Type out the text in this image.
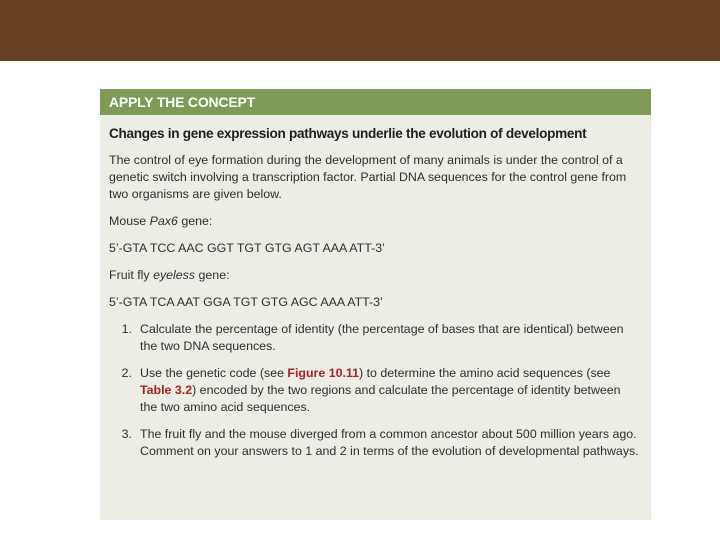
APPLY THE CONCEPT
Changes in gene expression pathways underlie the evolution of development
The control of eye formation during the development of many animals is under the control of a genetic switch involving a transcription factor. Partial DNA sequences for the control gene from two organisms are given below.
Mouse Pax6 gene:
5’-GTA TCC AAC GGT TGT GTG AGT AAA ATT-3’
Fruit fly eyeless gene:
5’-GTA TCA AAT GGA TGT GTG AGC AAA ATT-3’
1. Calculate the percentage of identity (the percentage of bases that are identical) between the two DNA sequences.
2. Use the genetic code (see Figure 10.11) to determine the amino acid sequences (see Table 3.2) encoded by the two regions and calculate the percentage of identity between the two amino acid sequences.
3. The fruit fly and the mouse diverged from a common ancestor about 500 million years ago. Comment on your answers to 1 and 2 in terms of the evolution of developmental pathways.
